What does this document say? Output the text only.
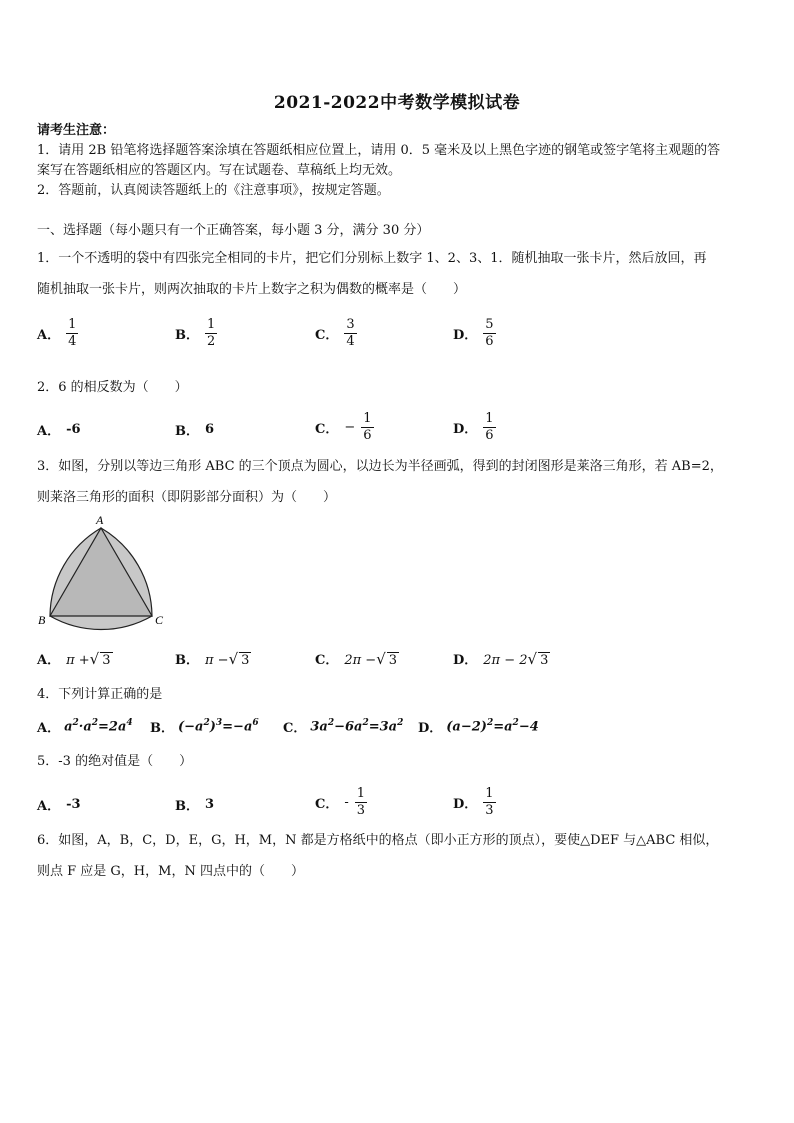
2021-2022中考数学模拟试卷
请考生注意：
1．请用 2B 铅笔将选择题答案涂填在答题纸相应位置上，请用 0．5 毫米及以上黑色字迹的钢笔或签字笔将主观题的答
案写在答题纸相应的答题区内。写在试题卷、草稿纸上均无效。
2．答题前，认真阅读答题纸上的《注意事项》，按规定答题。
一、选择题（每小题只有一个正确答案，每小题 3 分，满分 30 分）
1．一个不透明的袋中有四张完全相同的卡片，把它们分别标上数字 1、2、3、1．随机抽取一张卡片，然后放回，再
随机抽取一张卡片，则两次抽取的卡片上数字之积为偶数的概率是（　　）
A． $\frac{1}{4}$	B． $\frac{1}{2}$	C． $\frac{3}{4}$	D． $\frac{5}{6}$
2．6 的相反数为（　　）
A． -6	B． 6	C． − $\frac{1}{6}$	D． $\frac{1}{6}$
3．如图，分别以等边三角形 ABC 的三个顶点为圆心，以边长为半径画弧，得到的封闭图形是莱洛三角形，若 AB=2，
则莱洛三角形的面积（即阴影部分面积）为（　　）
A
B	C
A． π +√ 3	B． π −√ 3	C． 2π −√ 3	D． 2π − 2√ 3
4．下列计算正确的是
A． $a^2\cdot a^2=2a^4$ B． $(-a^2)^3=-a^6$ C． $3a^2-6a^2=3a^2$ D． $(a-2)^2=a^2-4$
5．-3 的绝对值是（　　）
A． -3	B． 3	C． - $\frac{1}{3}$	D． $\frac{1}{3}$
6．如图，A，B，C，D，E，G，H，M，N 都是方格纸中的格点（即小正方形的顶点），要使△DEF 与△ABC 相似，
则点 F 应是 G，H，M，N 四点中的（　　）
